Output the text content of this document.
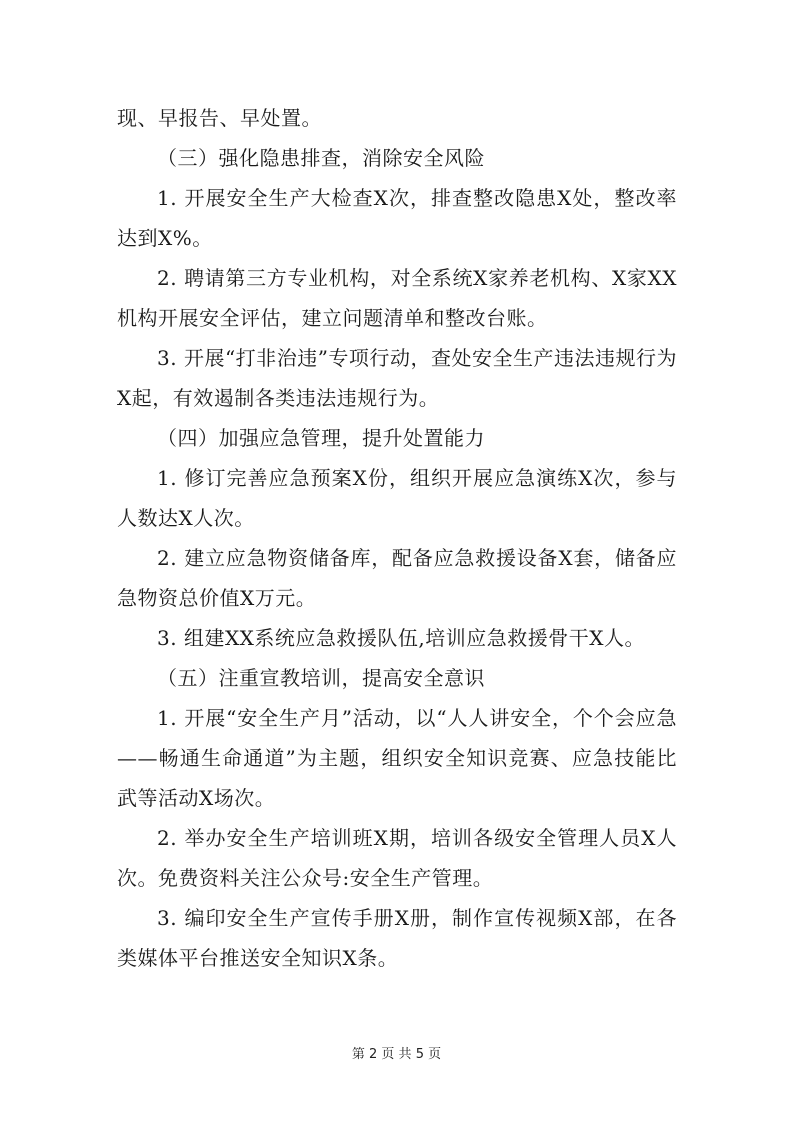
现、早报告、早处置。

（三）强化隐患排查，消除安全风险

1. 开展安全生产大检查X次，排查整改隐患X处，整改率达到X%。

2. 聘请第三方专业机构，对全系统X家养老机构、X家XX机构开展安全评估，建立问题清单和整改台账。

3. 开展“打非治违”专项行动，查处安全生产违法违规行为X起，有效遏制各类违法违规行为。

（四）加强应急管理，提升处置能力

1. 修订完善应急预案X份，组织开展应急演练X次，参与人数达X人次。

2. 建立应急物资储备库，配备应急救援设备X套，储备应急物资总价值X万元。

3. 组建XX系统应急救援队伍,培训应急救援骨干X人。

（五）注重宣教培训，提高安全意识

1. 开展“安全生产月”活动，以“人人讲安全，个个会应急——畅通生命通道”为主题，组织安全知识竞赛、应急技能比武等活动X场次。

2. 举办安全生产培训班X期，培训各级安全管理人员X人次。免费资料关注公众号:安全生产管理。

3. 编印安全生产宣传手册X册，制作宣传视频X部，在各类媒体平台推送安全知识X条。

第 2 页 共 5 页
